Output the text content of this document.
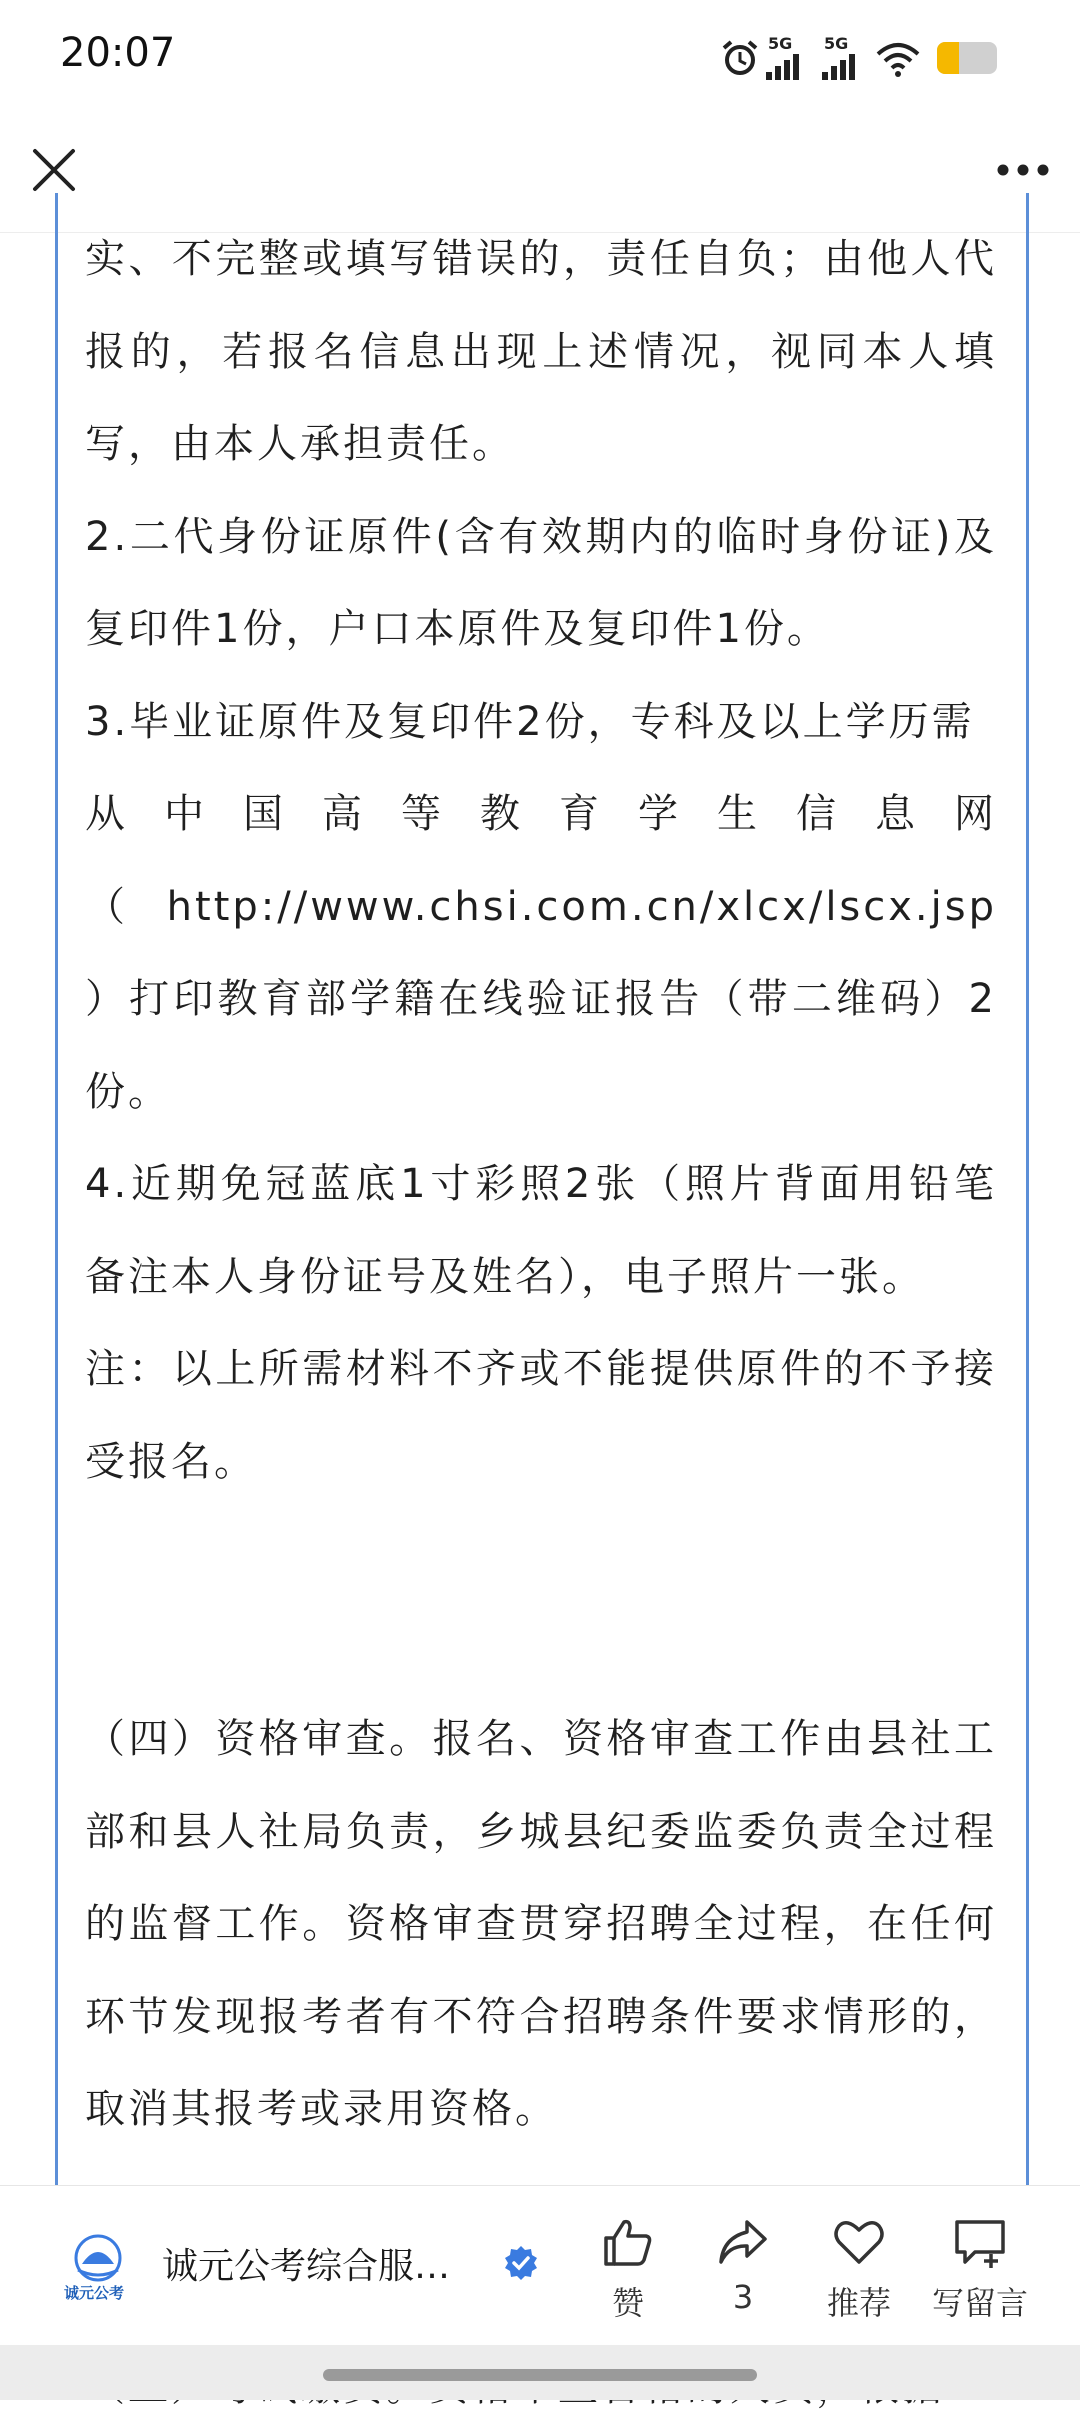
20:07	5G 5G

实、不完整或填写错误的，责任自负；由他人代报的，若报名信息出现上述情况，视同本人填写，由本人承担责任。

2.二代身份证原件(含有效期内的临时身份证)及复印件1份，户口本原件及复印件1份。

3.毕业证原件及复印件2份，专科及以上学历需

从中国高等教育学生信息网

（ http://www.chsi.com.cn/xlcx/lscx.jsp ）打印教育部学籍在线验证报告（带二维码）2份。

4.近期免冠蓝底1寸彩照2张（照片背面用铅笔备注本人身份证号及姓名），电子照片一张。

注：以上所需材料不齐或不能提供原件的不予接受报名。

（四）资格审查。报名、资格审查工作由县社工部和县人社局负责，乡城县纪委监委负责全过程的监督工作。资格审查贯穿招聘全过程，在任何环节发现报考者有不符合招聘条件要求情形的，取消其报考或录用资格。

诚元公考
诚元公考综合服…
赞	3	推荐	写留言
